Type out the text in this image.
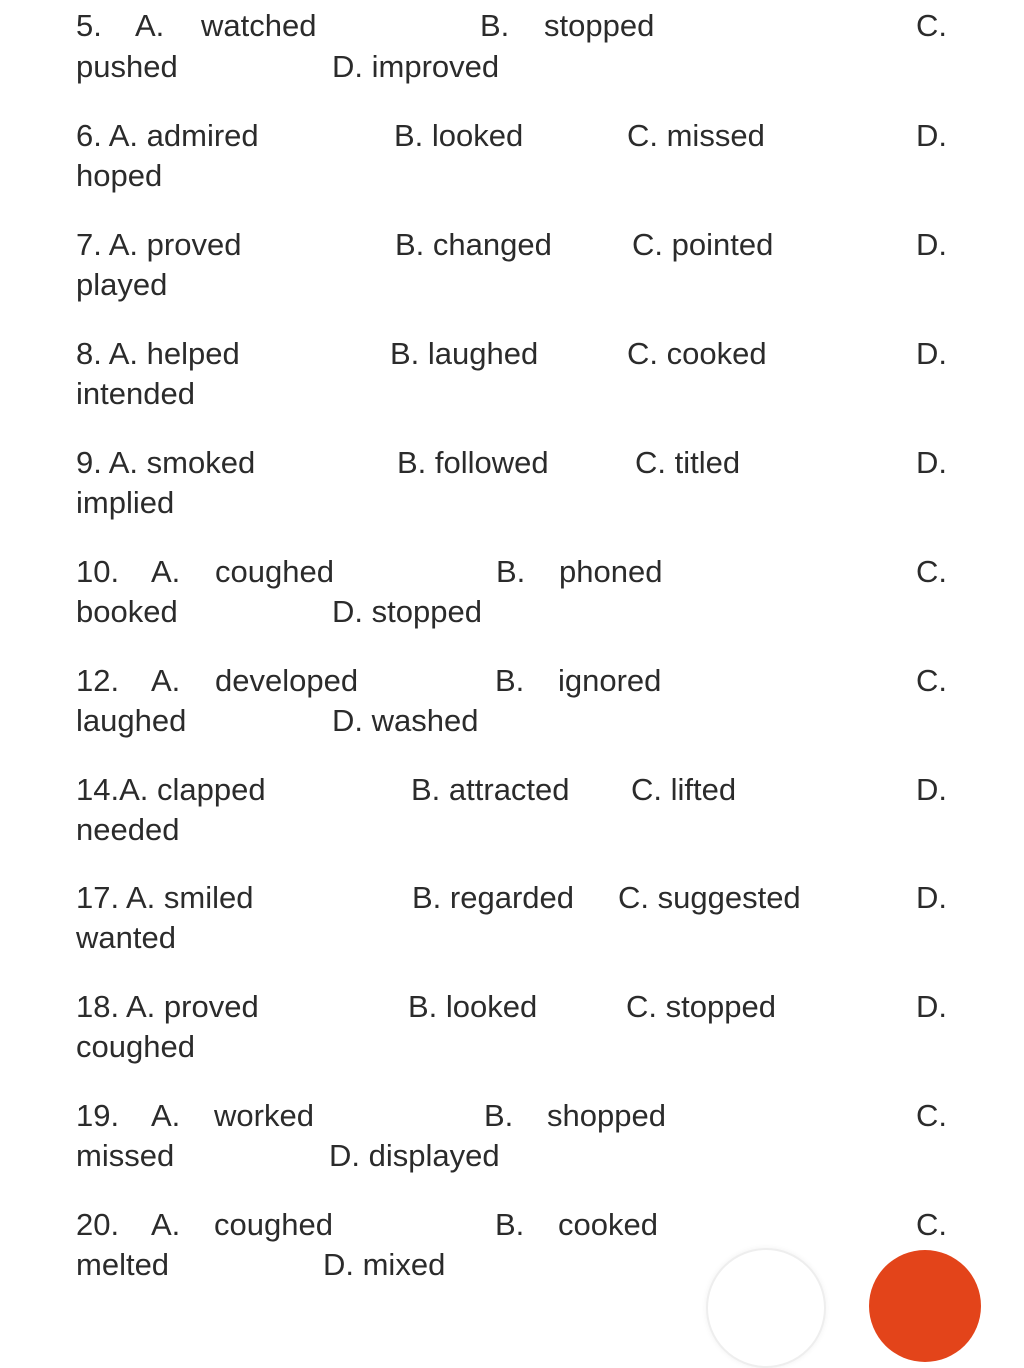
5. A. watched	B. stopped	C.
pushed	D. improved
6. A. admired	B. looked	C. missed	D.
hoped
7. A. proved	B. changed	C. pointed	D.
played
8. A. helped	B. laughed	C. cooked	D.
intended
9. A. smoked	B. followed	C. titled	D.
implied
10. A. coughed	B. phoned	C.
booked	D. stopped
12. A. developed	B. ignored	C.
laughed	D. washed
14.A. clapped	B. attracted C. lifted	D.
needed
17. A. smiled	B. regarded C. suggested	D.
wanted
18. A. proved	B. looked	C. stopped	D.
coughed
19. A. worked	B. shopped	C.
missed	D. displayed
20. A. coughed	B. cooked	C.
melted	D. mixed
